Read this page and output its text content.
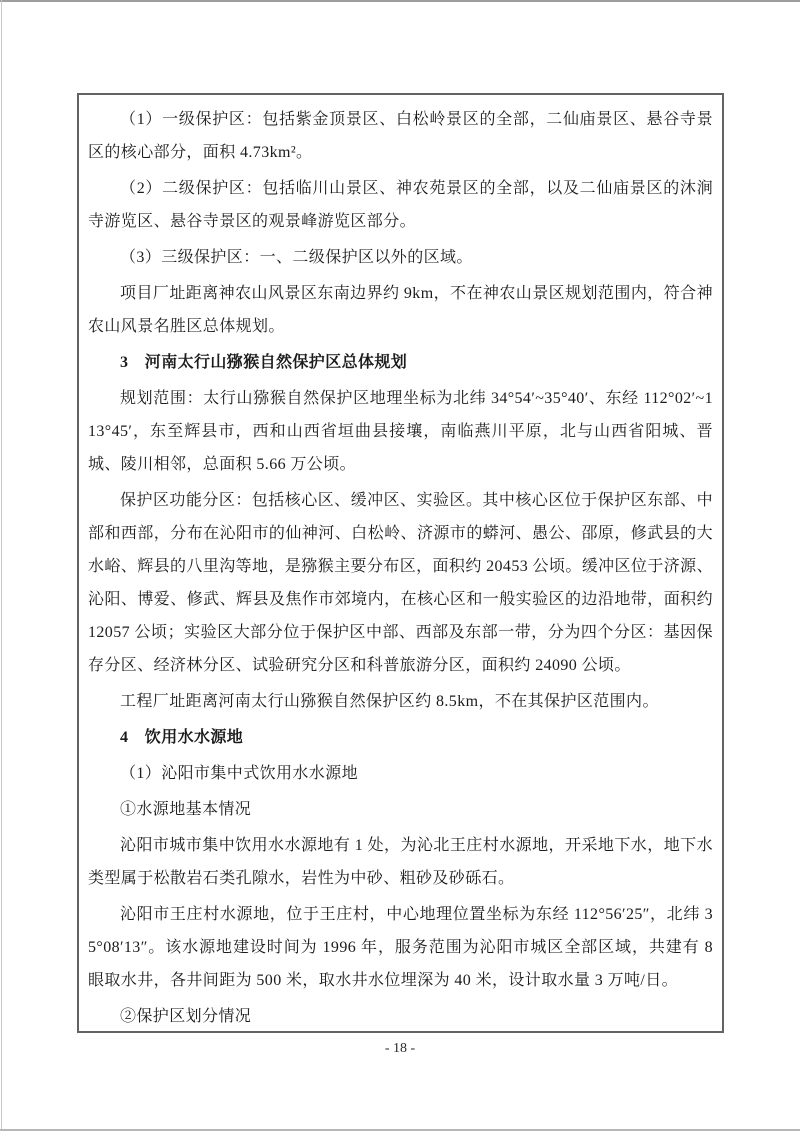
（1）一级保护区：包括紫金顶景区、白松岭景区的全部，二仙庙景区、悬谷寺景区的核心部分，面积 4.73km²。

（2）二级保护区：包括临川山景区、神农苑景区的全部，以及二仙庙景区的沐涧寺游览区、悬谷寺景区的观景峰游览区部分。

（3）三级保护区：一、二级保护区以外的区域。

项目厂址距离神农山风景区东南边界约 9km，不在神农山景区规划范围内，符合神农山风景名胜区总体规划。

3　河南太行山猕猴自然保护区总体规划

规划范围：太行山猕猴自然保护区地理坐标为北纬 34°54′~35°40′、东经 112°02′~113°45′，东至辉县市，西和山西省垣曲县接壤，南临燕川平原，北与山西省阳城、晋城、陵川相邻，总面积 5.66 万公顷。

保护区功能分区：包括核心区、缓冲区、实验区。其中核心区位于保护区东部、中部和西部，分布在沁阳市的仙神河、白松岭、济源市的蟒河、愚公、邵原，修武县的大水峪、辉县的八里沟等地，是猕猴主要分布区，面积约 20453 公顷。缓冲区位于济源、沁阳、博爱、修武、辉县及焦作市郊境内，在核心区和一般实验区的边沿地带，面积约 12057 公顷；实验区大部分位于保护区中部、西部及东部一带，分为四个分区：基因保存分区、经济林分区、试验研究分区和科普旅游分区，面积约 24090 公顷。

工程厂址距离河南太行山猕猴自然保护区约 8.5km，不在其保护区范围内。

4　饮用水水源地

（1）沁阳市集中式饮用水水源地

①水源地基本情况

沁阳市城市集中饮用水水源地有 1 处，为沁北王庄村水源地，开采地下水，地下水类型属于松散岩石类孔隙水，岩性为中砂、粗砂及砂砾石。

沁阳市王庄村水源地，位于王庄村，中心地理位置坐标为东经 112°56′25″，北纬 35°08′13″。该水源地建设时间为 1996 年，服务范围为沁阳市城区全部区域，共建有 8 眼取水井，各井间距为 500 米，取水井水位埋深为 40 米，设计取水量 3 万吨/日。

②保护区划分情况

- 18 -
